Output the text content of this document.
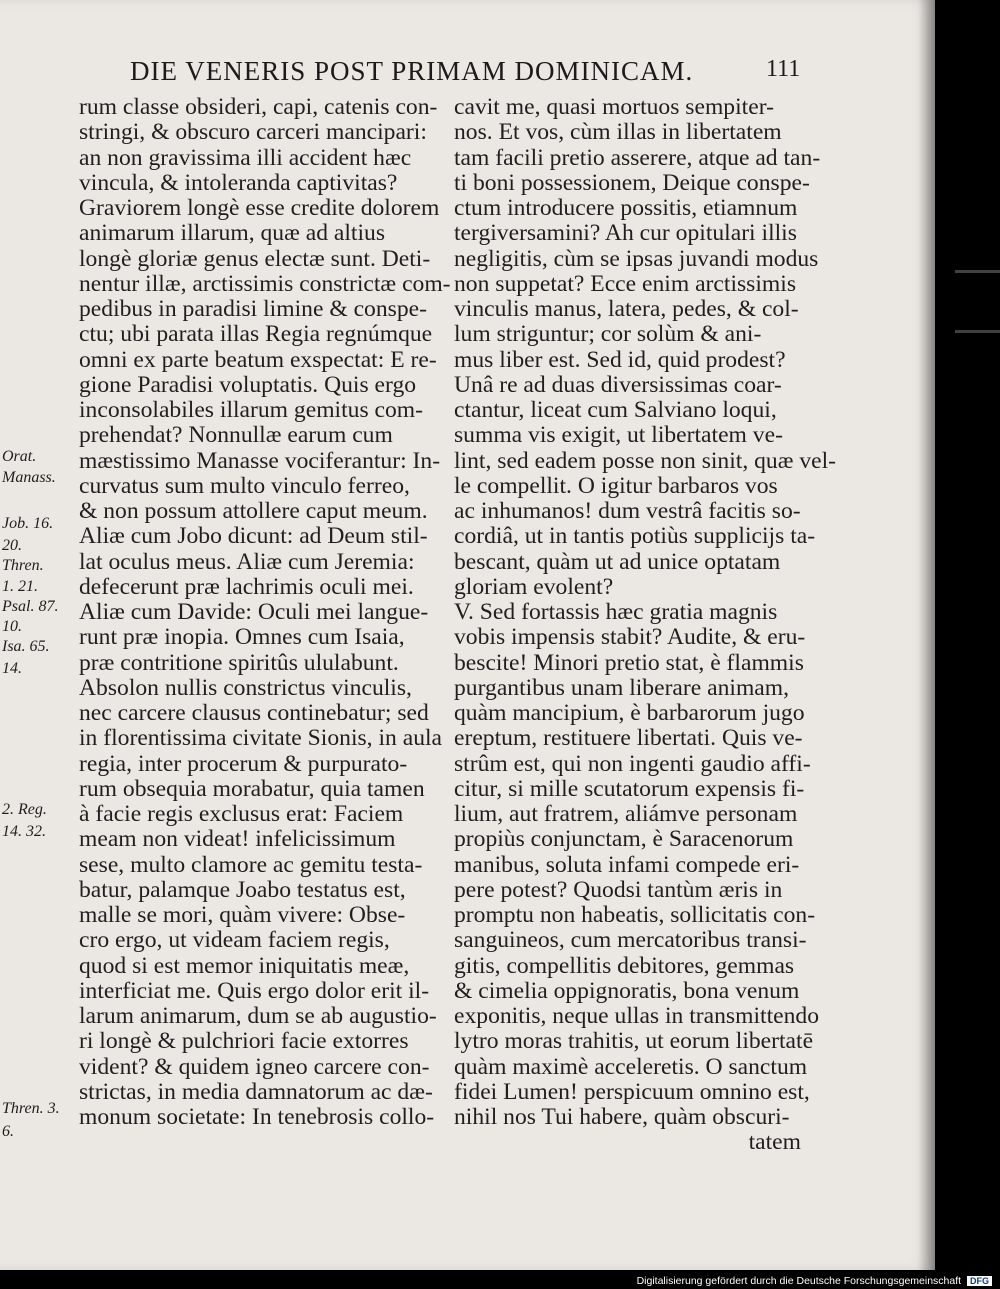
DIE VENERIS POST PRIMAM DOMINICAM.	111
rum classe obsideri, capi, catenis con-
stringi, & obscuro carceri mancipari:
an non gravissima illi accident hæc
vincula, & intoleranda captivitas?
Graviorem longè esse credite dolorem
animarum illarum, quæ ad altius
longè gloriæ genus electæ sunt. Deti-
nentur illæ, arctissimis constrictæ com-
pedibus in paradisi limine & conspe-
ctu; ubi parata illas Regia regnúmque
omni ex parte beatum exspectat: E re-
gione Paradisi voluptatis. Quis ergo
inconsolabiles illarum gemitus com-
prehendat? Nonnullæ earum cum
mæstissimo Manasse vociferantur: In-
curvatus sum multo vinculo ferreo,
& non possum attollere caput meum.
Aliæ cum Jobo dicunt: ad Deum stil-
lat oculus meus. Aliæ cum Jeremia:
defecerunt præ lachrimis oculi mei.
Aliæ cum Davide: Oculi mei langue-
runt præ inopia. Omnes cum Isaia,
præ contritione spiritûs ululabunt.
Absolon nullis constrictus vinculis,
nec carcere clausus continebatur; sed
in florentissima civitate Sionis, in aula
regia, inter procerum & purpurato-
rum obsequia morabatur, quia tamen
à facie regis exclusus erat: Faciem
meam non videat! infelicissimum
sese, multo clamore ac gemitu testa-
batur, palamque Joabo testatus est,
malle se mori, quàm vivere: Obse-
cro ergo, ut videam faciem regis,
quod si est memor iniquitatis meæ,
interficiat me. Quis ergo dolor erit il-
larum animarum, dum se ab augustio-
ri longè & pulchriori facie extorres
vident? & quidem igneo carcere con-
strictas, in media damnatorum ac dæ-
monum societate: In tenebrosis collo-
cavit me, quasi mortuos sempiter-
nos. Et vos, cùm illas in libertatem
tam facili pretio asserere, atque ad tan-
ti boni possessionem, Deique conspe-
ctum introducere possitis, etiamnum
tergiversamini? Ah cur opitulari illis
negligitis, cùm se ipsas juvandi modus
non suppetat? Ecce enim arctissimis
vinculis manus, latera, pedes, & col-
lum striguntur; cor solùm & ani-
mus liber est. Sed id, quid prodest?
Unâ re ad duas diversissimas coar-
ctantur, liceat cum Salviano loqui,
summa vis exigit, ut libertatem ve-
lint, sed eadem posse non sinit, quæ vel-
le compellit. O igitur barbaros vos
ac inhumanos! dum vestrâ facitis so-
cordiâ, ut in tantis potiùs supplicijs ta-
bescant, quàm ut ad unice optatam
gloriam evolent?
V. Sed fortassis hæc gratia magnis
vobis impensis stabit? Audite, & eru-
bescite! Minori pretio stat, è flammis
purgantibus unam liberare animam,
quàm mancipium, è barbarorum jugo
ereptum, restituere libertati. Quis ve-
strûm est, qui non ingenti gaudio affi-
citur, si mille scutatorum expensis fi-
lium, aut fratrem, aliámve personam
propiùs conjunctam, è Saracenorum
manibus, soluta infami compede eri-
pere potest? Quodsi tantùm æris in
promptu non habeatis, sollicitatis con-
sanguineos, cum mercatoribus transi-
gitis, compellitis debitores, gemmas
& cimelia oppignoratis, bona venum
exponitis, neque ullas in transmittendo
lytro moras trahitis, ut eorum libertatē
quàm maximè acceleretis. O sanctum
fidei Lumen! perspicuum omnino est,
nihil nos Tui habere, quàm obscuri-
tatem
Orat.
Manass.
Job. 16.
20.
Thren.
1. 21.
Psal. 87.
10.
Isa. 65.
14.
2. Reg.
14. 32.
Thren. 3.
6.
Digitalisierung gefördert durch die Deutsche Forschungsgemeinschaft DFG
